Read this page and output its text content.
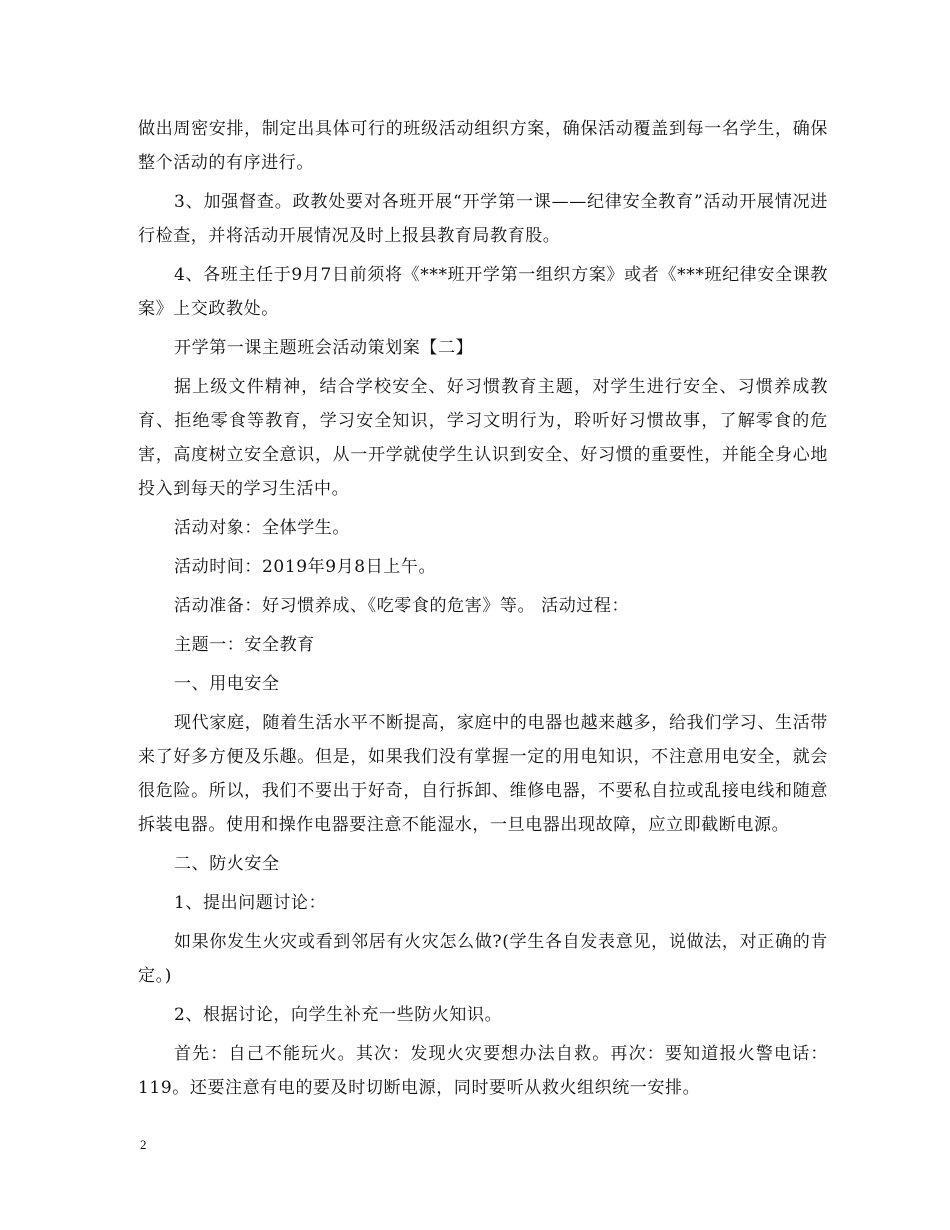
做出周密安排，制定出具体可行的班级活动组织方案，确保活动覆盖到每一名学生，确保整个活动的有序进行。

3、加强督查。政教处要对各班开展“开学第一课——纪律安全教育”活动开展情况进行检查，并将活动开展情况及时上报县教育局教育股。

4、各班主任于9月7日前须将《***班开学第一组织方案》或者《***班纪律安全课教案》上交政教处。

开学第一课主题班会活动策划案【二】

据上级文件精神，结合学校安全、好习惯教育主题，对学生进行安全、习惯养成教育、拒绝零食等教育，学习安全知识，学习文明行为，聆听好习惯故事，了解零食的危害，高度树立安全意识，从一开学就使学生认识到安全、好习惯的重要性，并能全身心地投入到每天的学习生活中。

活动对象：全体学生。

活动时间：2019年9月8日上午。

活动准备：好习惯养成、《吃零食的危害》等。 活动过程：

主题一：安全教育

一、用电安全

现代家庭，随着生活水平不断提高，家庭中的电器也越来越多，给我们学习、生活带来了好多方便及乐趣。但是，如果我们没有掌握一定的用电知识，不注意用电安全，就会很危险。所以，我们不要出于好奇，自行拆卸、维修电器，不要私自拉或乱接电线和随意拆装电器。使用和操作电器要注意不能湿水，一旦电器出现故障，应立即截断电源。

二、防火安全

1、提出问题讨论：

如果你发生火灾或看到邻居有火灾怎么做?(学生各自发表意见，说做法，对正确的肯定。)

2、根据讨论，向学生补充一些防火知识。

首先：自己不能玩火。其次：发现火灾要想办法自救。再次：要知道报火警电话：119。还要注意有电的要及时切断电源，同时要听从救火组织统一安排。

2
